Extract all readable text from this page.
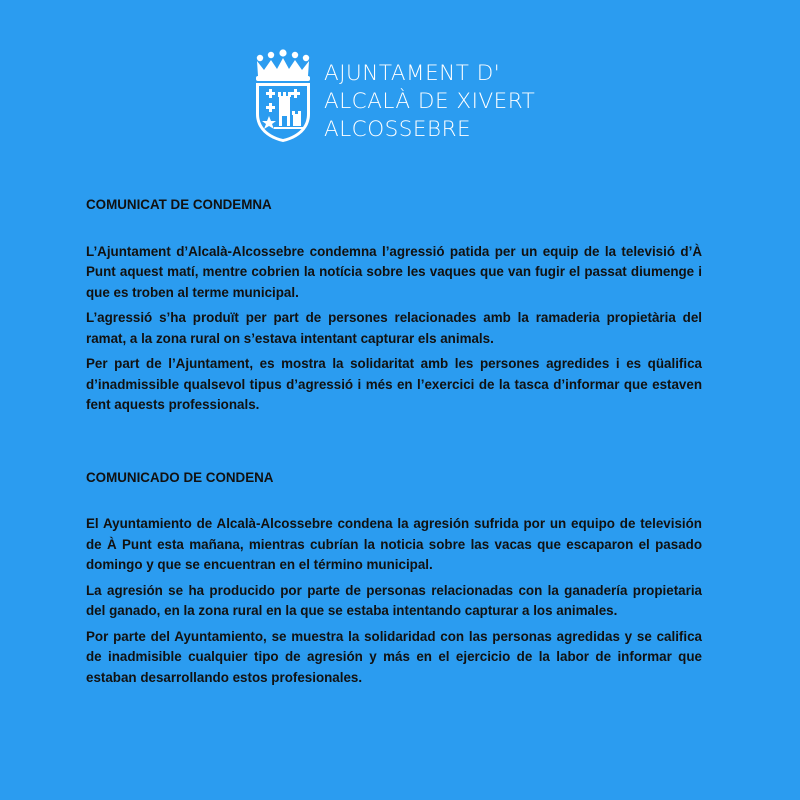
AJUNTAMENT D'
ALCALÀ DE XIVERT
ALCOSSEBRE

COMUNICAT DE CONDEMNA

L’Ajuntament d’Alcalà-Alcossebre condemna l’agressió patida per un equip de la televisió d’À Punt aquest matí, mentre cobrien la notícia sobre les vaques que van fugir el passat diumenge i que es troben al terme municipal.

L’agressió s’ha produït per part de persones relacionades amb la ramaderia propietària del ramat, a la zona rural on s’estava intentant capturar els animals.

Per part de l’Ajuntament, es mostra la solidaritat amb les persones agredides i es qüalifica d’inadmissible qualsevol tipus d’agressió i més en l’exercici de la tasca d’informar que estaven fent aquests professionals.

COMUNICADO DE CONDENA

El Ayuntamiento de Alcalà-Alcossebre condena la agresión sufrida por un equipo de televisión de À Punt esta mañana, mientras cubrían la noticia sobre las vacas que escaparon el pasado domingo y que se encuentran en el término municipal.

La agresión se ha producido por parte de personas relacionadas con la ganadería propietaria del ganado, en la zona rural en la que se estaba intentando capturar a los animales.

Por parte del Ayuntamiento, se muestra la solidaridad con las personas agredidas y se califica de inadmisible cualquier tipo de agresión y más en el ejercicio de la labor de informar que estaban desarrollando estos profesionales.
